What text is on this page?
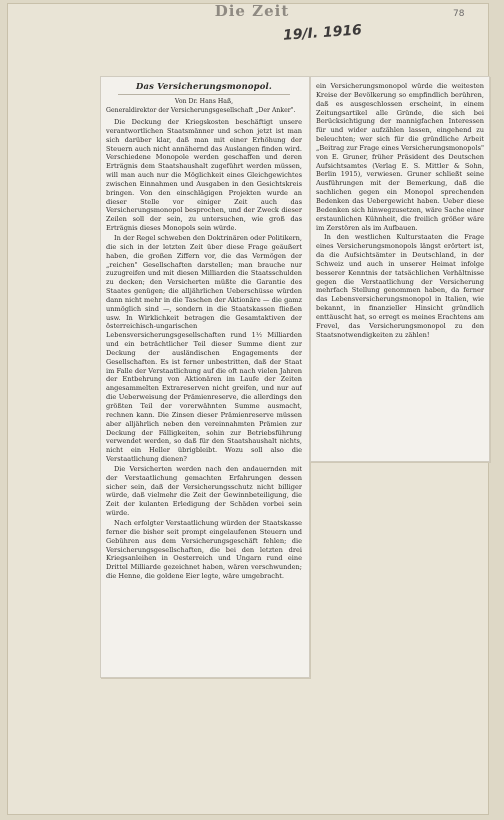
Die Zeit
19/I. 1916
78
Das Versicherungsmonopol.
Von Dr. Hans Haß,
Generaldirektor der Versicherungsgesellschaft „Der Anker".

Die Deckung der Kriegskosten beschäftigt unsere verantwortlichen Staatsmänner und schon jetzt ist man sich darüber klar, daß man mit einer Erhöhung der Steuern auch nicht annähernd das Auslangen finden wird. Verschiedene Monopole werden geschaffen und deren Erträgnis dem Staatshaushalt zugeführt werden müssen, will man auch nur die Möglichkeit eines Gleichgewichtes zwischen Einnahmen und Ausgaben in den Gesichtskreis bringen. Von den einschlägigen Projekten wurde an dieser Stelle vor einiger Zeit auch das Versicherungsmonopol besprochen, und der Zweck dieser Zeilen soll der sein, zu untersuchen, wie groß das Erträgnis dieses Monopols sein würde.

In der Regel schweben den Doktrinären oder Politikern, die sich in der letzten Zeit über diese Frage geäußert haben, die großen Ziffern vor, die das Vermögen der „reichen" Gesellschaften darstellen; man brauche nur zuzugreifen und mit diesen Milliarden die Staatsschulden zu decken; den Versicherten müßte die Garantie des Staates genügen; die alljährlichen Ueberschüsse würden dann nicht mehr in die Taschen der Aktionäre — die gamz unmöglich sind —, sondern in die Staatskassen fließen usw. In Wirklichkeit betragen die Gesamtaktiven der österreichisch-ungarischen Lebensversicherungsgesellschaften rund 1½ Milliarden und ein beträchtlicher Teil dieser Summe dient zur Deckung der ausländischen Engagements der Gesellschaften. Es ist ferner unbestritten, daß der Staat im Falle der Verstaatlichung auf die oft nach vielen Jahren der Entbehrung von Aktionären im Laufe der Zeiten angesammelten Extrareserven nicht greifen, und nur auf die Ueberweisung der Prämienreserve, die allerdings den größten Teil der vorerwähnten Summe ausmacht, rechnen kann. Die Zinsen dieser Prämienreserve müssen aber alljährlich neben den vereinnahmten Prämien zur Deckung der Fälligkeiten, sohin zur Betriebsführung verwendet werden, so daß für den Staatshaushalt nichts, nicht ein Heller übrigbleibt. Wozu soll also die Verstaatlichung dienen?

Die Versicherten werden nach den andauernden mit der Verstaatlichung gemachten Erfahrungen dessen sicher sein, daß der Versicherungsschutz nicht billiger würde, daß vielmehr die Zeit der Gewinnbeteiligung, die Zeit der kulanten Erledigung der Schäden vorbei sein würde.

Nach erfolgter Verstaatlichung würden der Staatskasse ferner die bisher seit prompt eingelaufenen Steuern und Gebühren aus dem Versicherungsgeschäft fehlen; die Versicherungsgesellschaften, die bei den letzten drei Kriegsanleihen in Oesterreich und Ungarn rund eine Drittel Milliarde gezeichnet haben, wären verschwunden; die Henne, die goldene Eier legte, wäre umgebracht.

ein Versicherungsmonopol würde die weitesten Kreise der Bevölkerung so empfindlich berühren, daß es ausgeschlossen erscheint, in einem Zeitungsartikel alle Gründe, die sich bei Berücksichtigung der mannigfachen Interessen für und wider aufzählen lassen, eingehend zu beleuchten; wer sich für die gründliche Arbeit „Beitrag zur Frage eines Versicherungsmonopols" von E. Gruner, früher Präsident des Deutschen Aufsichtsamtes (Verlag E. S. Mittler & Sohn, Berlin 1915), verwiesen. Gruner schließt seine Ausführungen mit der Bemerkung, daß die sachlichen gegen ein Monopol sprechenden Bedenken das Uebergewicht haben. Ueber diese Bedenken sich hinwegzusetzen, wäre Sache einer erstaunlichen Kühnheit, die freilich größer wäre im Zerstören als im Aufbauen.

In den westlichen Kulturstaaten die Frage eines Versicherungsmonopols längst erörtert ist, da die Aufsichtsämter in Deutschland, in der Schweiz und auch in unserer Heimat infolge besserer Kenntnis der tatsächlichen Verhältnisse gegen die Verstaatlichung der Versicherung mehrfach Stellung genommen haben, da ferner das Lebensversicherungsmonopol in Italien, wie bekannt, in finanzieller Hinsicht gründlich enttäuscht hat, so erregt es meines Erachtens am Frevel, das Versicherungsmonopol zu den Staatsnotwendigkeiten zu zählen!
